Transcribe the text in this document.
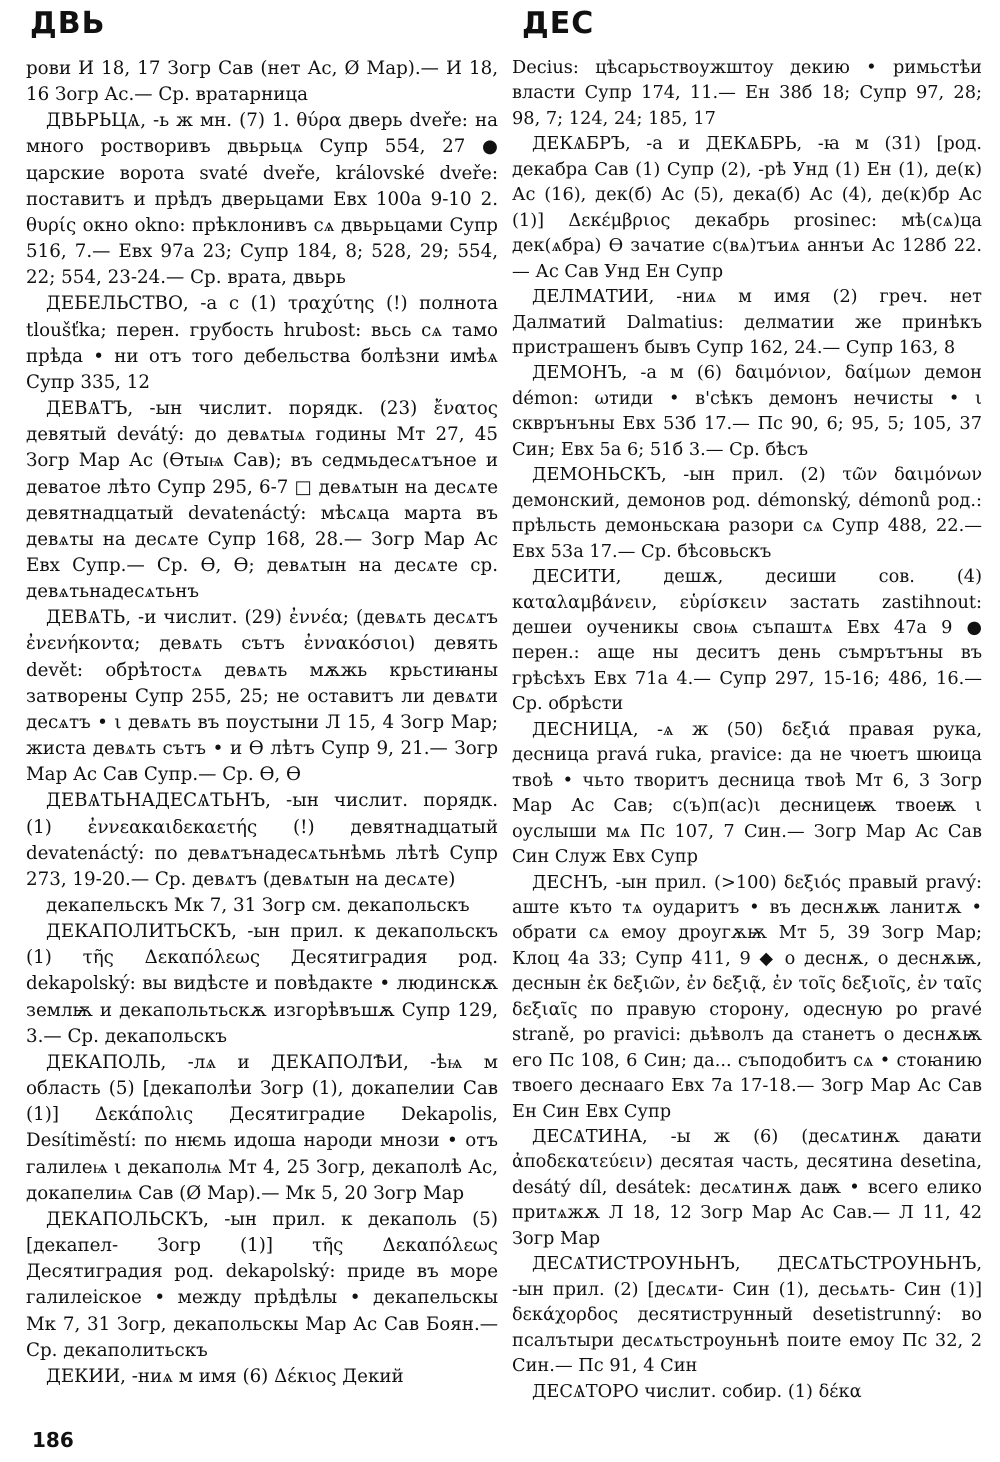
ДВЬ	ДЕС

рови И 18, 17 Зогр Сав (нет Ас, Ø Мар).— И 18, 16 Зогр Ас.— Ср. вратарница

ДВЬРЬЦѦ, -ь ж мн. (7) 1. θύρα дверь dveře: на много ростворивъ двьрьцѧ Супр 554, 27 ● царские ворота svaté dveře, královské dveře: поставитъ и прѣдъ дверьцами Евх 100а 9-10 2. θυρίς окно okno: прѣклонивъ сѧ двьрьцами Супр 516, 7.— Евх 97а 23; Супр 184, 8; 528, 29; 554, 22; 554, 23-24.— Ср. врата, двьрь

ДЕБЕЛЬСТВО, -а с (1) τραχύτης (!) полнота tloušťka; перен. грубость hrubost: вьсь сѧ тамо прѣда • ни отъ того дебельства болѣзни имѣѧ Супр 335, 12

ДЕВѦТЪ, -ын числит. порядк. (23) ἔνατος девятый devátý: до девѧтыѧ годины Мт 27, 45 Зогр Мар Ас (Ѳтыѩ Сав); въ седмьдесѧтъное и деватое лѣто Супр 295, 6-7 □ девѧтын на десѧте девятнадцатый devatenáctý: мѣсѧца марта въ девѧты на десѧте Супр 168, 28.— Зогр Мар Ас Евх Супр.— Ср. Ѳ, Ѳ; девѧтын на десѧте ср. девѧтьнадесѧтьнъ

ДЕВѦТЬ, -и числит. (29) ἐννέα; (девѧть десѧтъ ἐνενήκοντα; девѧть сътъ ἐννακόσιοι) девять devět: обрѣтостѧ девѧть мѫжь крьстиꙗны затворены Супр 255, 25; не оставитъ ли девѧти десѧтъ • ι девѧть въ поустыни Л 15, 4 Зогр Мар; жиста девѧть сътъ • и Ѳ лѣтъ Супр 9, 21.— Зогр Мар Ас Сав Супр.— Ср. Ѳ, Ѳ

ДЕВѦТЬНАДЕСѦТЬНЪ, -ын числит. порядк. (1) ἐννεακαιδεκαετής (!) девятнадцатый devatenáctý: по девѧтънадесѧтьнѣмь лѣтѣ Супр 273, 19-20.— Ср. девѧтъ (девѧтын на десѧте)

декапельскъ Мк 7, 31 Зогр см. декапольскъ

ДЕКАПОЛИТЬСКЪ, -ын прил. к декапольскъ (1) τῆς Δεκαπόλεως Десятиградия род. dekapolský: вы видѣсте и повѣдакте • людинскѫ землѭ и декапольтьскѫ изгорѣвъшѫ Супр 129, 3.— Ср. декапольскъ

ДЕКАПОЛЬ, -лѧ и ДЕКАПОЛѢИ, -ѣѩ м область (5) [декаполѣи Зогр (1), докапелии Сав (1)] Δεκάπολις Десятиградие Dekapolis, Desítiměstí: по нѥмь идоша народи мнози • отъ галилеѩ ι декаполѩ Мт 4, 25 Зогр, декаполѣ Ас, докапелиѩ Сав (Ø Мар).— Мк 5, 20 Зогр Мар

ДЕКАПОЛЬСКЪ, -ын прил. к декаполь (5) [декапел- Зогр (1)] τῆς Δεκαπόλεως Десятиградия род. dekapolský: приде въ море галилеіское • между прѣдѣлы • декапельскы Мк 7, 31 Зогр, декапольскы Мар Ас Сав Боян.— Ср. декаполитьскъ

ДЕКИИ, -ниѧ м имя (6) Δέκιος Декий

Decius: цѣсарьствоужштоу декию • римьстѣи власти Супр 174, 11.— Ен 38б 18; Супр 97, 28; 98, 7; 124, 24; 185, 17

ДЕКѦБРЪ, -а и ДЕКѦБРЬ, -ꙗ м (31) [род. декабра Сав (1) Супр (2), -рѣ Унд (1) Ен (1), де(к) Ас (16), дек(б) Ас (5), дека(б) Ас (4), де(к)бр Ас (1)] Δεκέμβριος декабрь prosinec: мѣ(сѧ)ца дек(ѧбра) Ѳ зачатие с(вѧ)тъиѧ аннъи Ас 128б 22.— Ас Сав Унд Ен Супр

ДЕЛМАТИИ, -ниѧ м имя (2) греч. нет Далматий Dalmatius: делматии же принѣкъ пристрашенъ бывъ Супр 162, 24.— Супр 163, 8

ДЕМОНЪ, -а м (6) δαιμόνιον, δαίμων демон démon: ωтиди • в'сѣкъ демонъ нечисты • ι скврънъны Евх 53б 17.— Пс 90, 6; 95, 5; 105, 37 Син; Евх 5а 6; 51б 3.— Ср. бѣсъ

ДЕМОНЬСКЪ, -ын прил. (2) τῶν δαιμόνων демонский, демонов род. démonský, démonů род.: прѣльсть демоньскаꙗ разори сѧ Супр 488, 22.— Евх 53а 17.— Ср. бѣсовьскъ

ДЕСИТИ, дешѫ, десиши сов. (4) καταλαμβάνειν, εὑρίσκειν застать zastihnout: дешеи оученикы своѩ съпаштѧ Евх 47а 9 ● перен.: аще ны деситъ день съмрътъны въ грѣсѣхъ Евх 71а 4.— Супр 297, 15-16; 486, 16.— Ср. обрѣсти

ДЕСНИЦА, -ѧ ж (50) δεξιά правая рука, десница pravá ruka, pravice: да не чюетъ шюица твоѣ • чьто творитъ десница твоѣ Мт 6, 3 Зогр Мар Ас Сав; с(ъ)п(ас)ι десницеѭ твоеѭ ι оуслыши мѧ Пс 107, 7 Син.— Зогр Мар Ас Сав Син Служ Евх Супр

ДЕСНЪ, -ын прил. (>100) δεξιός правый pravý: аште къто тѧ оударитъ • въ деснѫѭ ланитѫ • обрати сѧ емоу дроугѫѭ Мт 5, 39 Зогр Мар; Клоц 4а 33; Супр 411, 9 ◆ о деснѫ, о деснѫѭ, деснын ἐκ δεξιῶν, ἐν δεξιᾷ, ἐν τοῖς δεξιοῖς, ἐν ταῖς δεξιαῖς по правую сторону, одесную po pravé straně, po pravici: дьѣволъ да станетъ о деснѫѭ его Пс 108, 6 Син; да... съподобитъ сѧ • стоꙗнию твоего деснааго Евх 7а 17-18.— Зогр Мар Ас Сав Ен Син Евх Супр

ДЕСѦТИНА, -ы ж (6) (десѧтинѫ даꙗти ἀποδεκατεύειν) десятая часть, десятина desetina, desátý díl, desátek: десѧтинѫ даѭ • всего елико притѧжѫ Л 18, 12 Зогр Мар Ас Сав.— Л 11, 42 Зогр Мар

ДЕСѦТИСТРОУНЬНЪ, ДЕСѦТЬСТРОУНЬНЪ, -ын прил. (2) [десѧти- Син (1), десьѧть- Син (1)] δεκάχορδος десятиструнный desetistrunný: во псалътыри десѧтьстроуньнѣ поите емоу Пс 32, 2 Син.— Пс 91, 4 Син

ДЕСѦТОРО числит. собир. (1) δέκα

186
